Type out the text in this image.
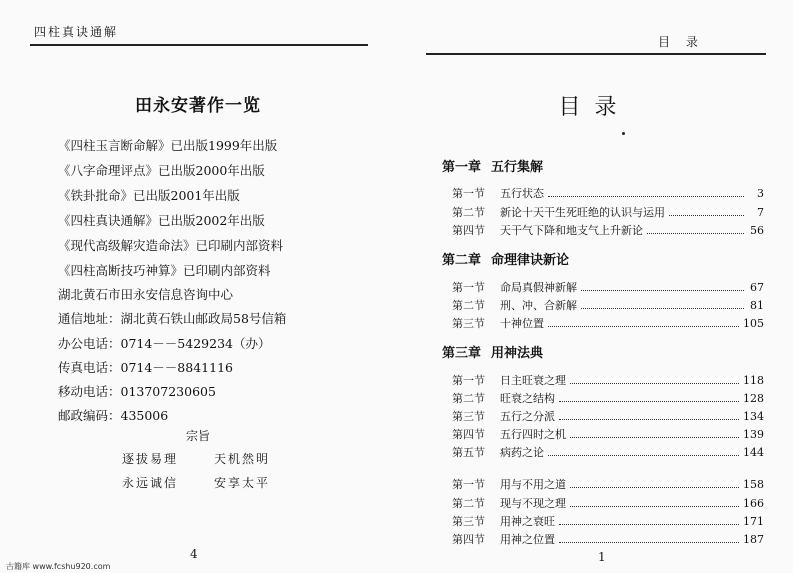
四柱真诀通解
田永安著作一览
《四柱玉言断命解》已出版1999年出版
《八字命理评点》已出版2000年出版
《铁卦批命》已出版2001年出版
《四柱真诀通解》已出版2002年出版
《现代高级解灾造命法》已印刷内部资料
《四柱高断技巧神算》已印刷内部资料
湖北黄石市田永安信息咨询中心
通信地址：湖北黄石铁山邮政局58号信箱
办公电话：0714－－5429234（办）
传真电话：0714－－8841116
移动电话：013707230605
邮政编码：435006
宗旨
逐拔易理	天机然明
永远诚信	安享太平
4
目 录
目录
第一章 五行集解
第一节	五行状态	3
第二节	新论十天干生死旺绝的认识与运用	7
第四节	天干气下降和地支气上升新论	56
第二章 命理律诀新论
第一节	命局真假神新解	67
第二节	刑、冲、合新解	81
第三节	十神位置	105
第三章 用神法典
第一节	日主旺衰之理	118
第二节	旺衰之结构	128
第三节	五行之分派	134
第四节	五行四时之机	139
第五节	病药之论	144
第一节	用与不用之道	158
第二节	现与不现之理	166
第三节	用神之衰旺	171
第四节	用神之位置	187
1
古籍库 www.fcshu920.com
